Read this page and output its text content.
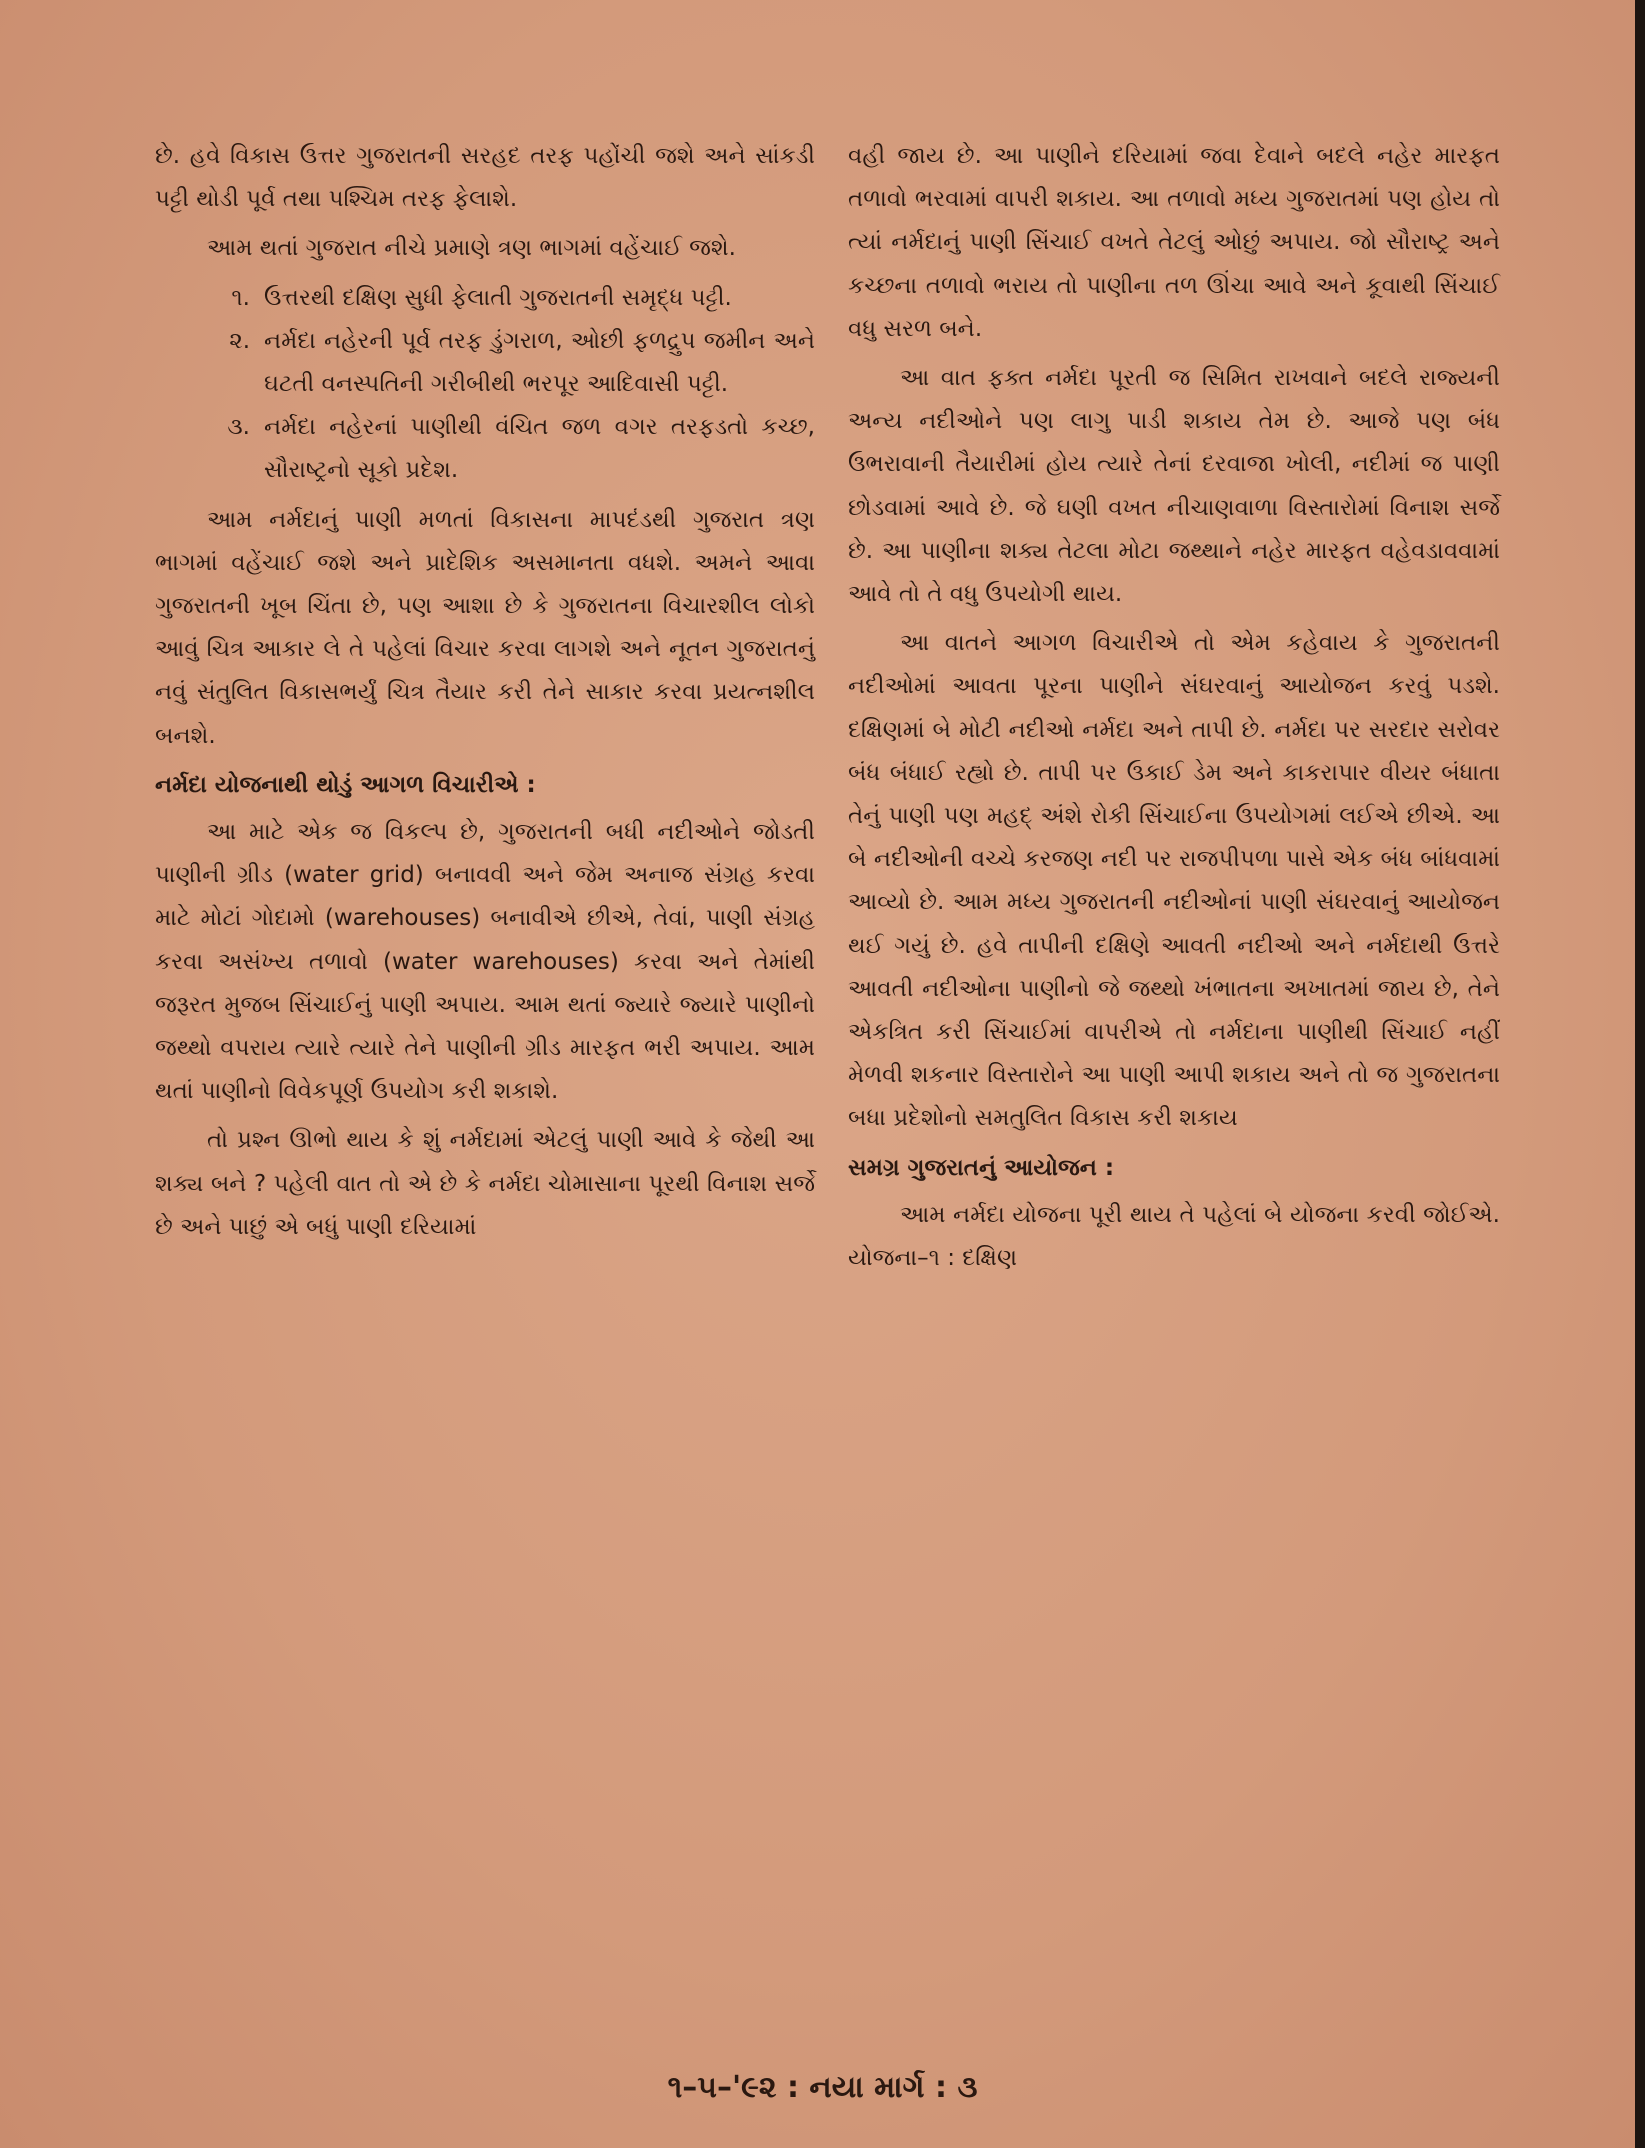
છે. હવે વિકાસ ઉત્તર ગુજરાતની સરહદ તરફ પહોંચી જશે અને સાંકડી પટ્ટી થોડી પૂર્વ તથા પશ્ચિમ તરફ ફેલાશે.

આમ થતાં ગુજરાત નીચે પ્રમાણે ત્રણ ભાગમાં વહેંચાઈ જશે.

૧. ઉત્તરથી દક્ષિણ સુધી ફેલાતી ગુજરાતની સમૃદ્ધ પટ્ટી.
૨. નર્મદા નહેરની પૂર્વ તરફ ડુંગરાળ, ઓછી ફળદ્રુપ જમીન અને ઘટતી વનસ્પતિની ગરીબીથી ભરપૂર આદિવાસી પટ્ટી.
૩. નર્મદા નહેરનાં પાણીથી વંચિત જળ વગર તરફડતો કચ્છ, સૌરાષ્ટ્રનો સૂકો પ્રદેશ.

આમ નર્મદાનું પાણી મળતાં વિકાસના માપદંડથી ગુજરાત ત્રણ ભાગમાં વહેંચાઈ જશે અને પ્રાદેશિક અસમાનતા વધશે. અમને આવા ગુજરાતની ખૂબ ચિંતા છે, પણ આશા છે કે ગુજરાતના વિચારશીલ લોકો આવું ચિત્ર આકાર લે તે પહેલાં વિચાર કરવા લાગશે અને નૂતન ગુજરાતનું નવું સંતુલિત વિકાસભર્યું ચિત્ર તૈયાર કરી તેને સાકાર કરવા પ્રયત્નશીલ બનશે.

નર્મદા યોજનાથી થોડું આગળ વિચારીએ :

આ માટે એક જ વિકલ્પ છે, ગુજરાતની બધી નદીઓને જોડતી પાણીની ગ્રીડ (water grid) બનાવવી અને જેમ અનાજ સંગ્રહ કરવા માટે મોટાં ગોદામો (warehouses) બનાવીએ છીએ, તેવાં, પાણી સંગ્રહ કરવા અસંખ્ય તળાવો (water warehouses) કરવા અને તેમાંથી જરૂરત મુજબ સિંચાઈનું પાણી અપાય. આમ થતાં જ્યારે જ્યારે પાણીનો જથ્થો વપરાય ત્યારે ત્યારે તેને પાણીની ગ્રીડ મારફત ભરી અપાય. આમ થતાં પાણીનો વિવેકપૂર્ણ ઉપયોગ કરી શકાશે.

તો પ્રશ્ન ઊભો થાય કે શું નર્મદામાં એટલું પાણી આવે કે જેથી આ શક્ય બને ? પહેલી વાત તો એ છે કે નર્મદા ચોમાસાના પૂરથી વિનાશ સર્જે છે અને પાછું એ બધું પાણી દરિયામાં

વહી જાય છે. આ પાણીને દરિયામાં જવા દેવાને બદલે નહેર મારફત તળાવો ભરવામાં વાપરી શકાય. આ તળાવો મધ્ય ગુજરાતમાં પણ હોય તો ત્યાં નર્મદાનું પાણી સિંચાઈ વખતે તેટલું ઓછું અપાય. જો સૌરાષ્ટ્ર અને કચ્છના તળાવો ભરાય તો પાણીના તળ ઊંચા આવે અને કૂવાથી સિંચાઈ વધુ સરળ બને.

આ વાત ફક્ત નર્મદા પૂરતી જ સિમિત રાખવાને બદલે રાજ્યની અન્ય નદીઓને પણ લાગુ પાડી શકાય તેમ છે. આજે પણ બંધ ઉભરાવાની તૈયારીમાં હોય ત્યારે તેનાં દરવાજા ખોલી, નદીમાં જ પાણી છોડવામાં આવે છે. જે ઘણી વખત નીચાણવાળા વિસ્તારોમાં વિનાશ સર્જે છે. આ પાણીના શક્ય તેટલા મોટા જથ્થાને નહેર મારફત વહેવડાવવામાં આવે તો તે વધુ ઉપયોગી થાય.

આ વાતને આગળ વિચારીએ તો એમ કહેવાય કે ગુજરાતની નદીઓમાં આવતા પૂરના પાણીને સંઘરવાનું આયોજન કરવું પડશે. દક્ષિણમાં બે મોટી નદીઓ નર્મદા અને તાપી છે. નર્મદા પર સરદાર સરોવર બંધ બંધાઈ રહ્યો છે. તાપી પર ઉકાઈ ડેમ અને કાકરાપાર વીયર બંધાતા તેનું પાણી પણ મહદ્ અંશે રોકી સિંચાઈના ઉપયોગમાં લઈએ છીએ. આ બે નદીઓની વચ્ચે કરજણ નદી પર રાજપીપળા પાસે એક બંધ બાંધવામાં આવ્યો છે. આમ મધ્ય ગુજરાતની નદીઓનાં પાણી સંઘરવાનું આયોજન થઈ ગયું છે. હવે તાપીની દક્ષિણે આવતી નદીઓ અને નર્મદાથી ઉત્તરે આવતી નદીઓના પાણીનો જે જથ્થો ખંભાતના અખાતમાં જાય છે, તેને એકત્રિત કરી સિંચાઈમાં વાપરીએ તો નર્મદાના પાણીથી સિંચાઈ નહીં મેળવી શકનાર વિસ્તારોને આ પાણી આપી શકાય અને તો જ ગુજરાતના બધા પ્રદેશોનો સમતુલિત વિકાસ કરી શકાય

સમગ્ર ગુજરાતનું આયોજન :

આમ નર્મદા યોજના પૂરી થાય તે પહેલાં બે યોજના કરવી જોઈએ. યોજના–૧ : દક્ષિણ

૧–૫–'૯૨ : નયા માર્ગ : ૩
